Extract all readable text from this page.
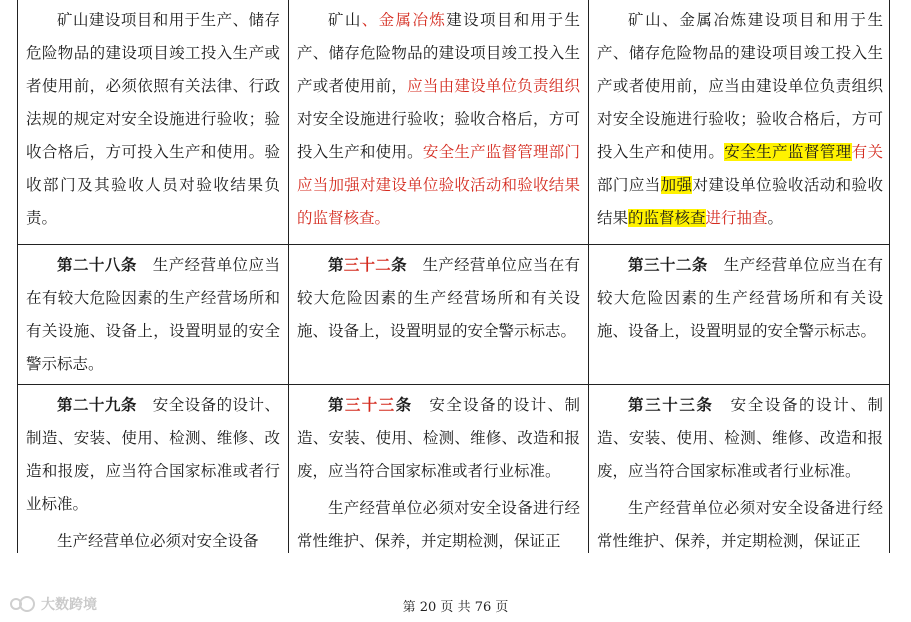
矿山建设项目和用于生产、储存危险物品的建设项目竣工投入生产或者使用前，必须依照有关法律、行政法规的规定对安全设施进行验收；验收合格后，方可投入生产和使用。验收部门及其验收人员对验收结果负责。
矿山、金属冶炼建设项目和用于生产、储存危险物品的建设项目竣工投入生产或者使用前，应当由建设单位负责组织对安全设施进行验收；验收合格后，方可投入生产和使用。安全生产监督管理部门应当加强对建设单位验收活动和验收结果的监督核查。
矿山、金属冶炼建设项目和用于生产、储存危险物品的建设项目竣工投入生产或者使用前，应当由建设单位负责组织对安全设施进行验收；验收合格后，方可投入生产和使用。安全生产监督管理有关部门应当加强对建设单位验收活动和验收结果的监督核查进行抽查。
第二十八条　生产经营单位应当在有较大危险因素的生产经营场所和有关设施、设备上，设置明显的安全警示标志。
第三十二条　生产经营单位应当在有较大危险因素的生产经营场所和有关设施、设备上，设置明显的安全警示标志。
第三十二条　生产经营单位应当在有较大危险因素的生产经营场所和有关设施、设备上，设置明显的安全警示标志。
第二十九条　安全设备的设计、制造、安装、使用、检测、维修、改造和报废，应当符合国家标准或者行业标准。
生产经营单位必须对安全设备
第三十三条　安全设备的设计、制造、安装、使用、检测、维修、改造和报废，应当符合国家标准或者行业标准。
生产经营单位必须对安全设备进行经常性维护、保养，并定期检测，保证正
第三十三条　安全设备的设计、制造、安装、使用、检测、维修、改造和报废，应当符合国家标准或者行业标准。
生产经营单位必须对安全设备进行经常性维护、保养，并定期检测，保证正
大数跨境	第 20 页 共 76 页
